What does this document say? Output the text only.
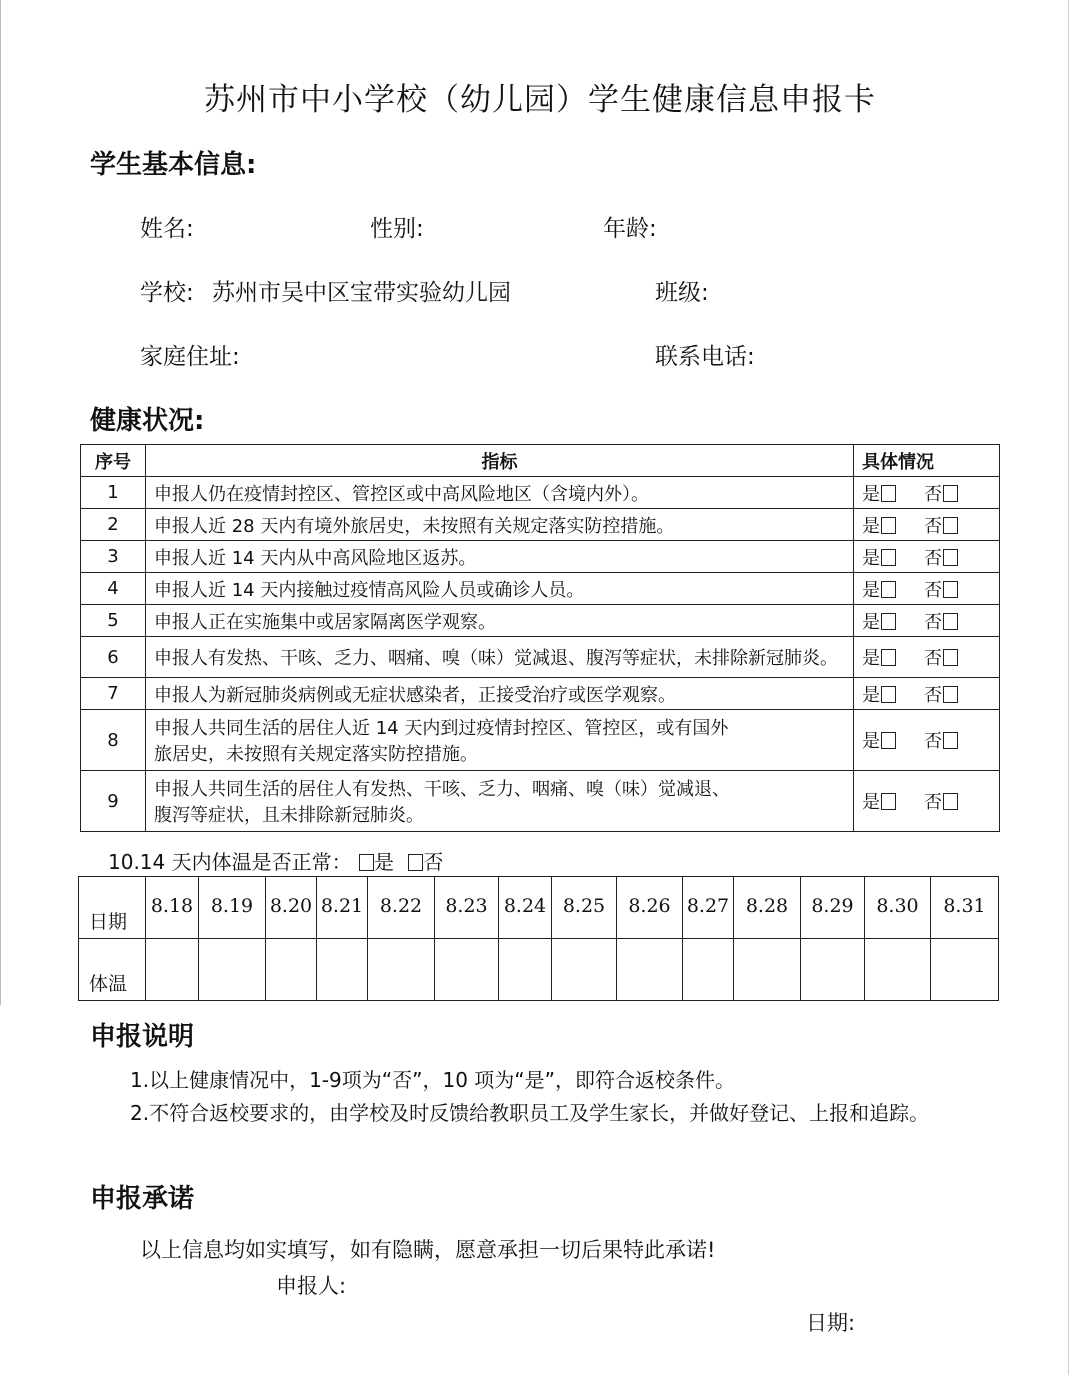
苏州市中小学校（幼儿园）学生健康信息申报卡
学生基本信息:
姓名:	性别:	年龄:
学校: 苏州市吴中区宝带实验幼儿园	班级:
家庭住址:	联系电话:
健康状况:
序号	指标	具体情况
1	申报人仍在疫情封控区、管控区或中高风险地区（含境内外）。	是 否
2	申报人近 28 天内有境外旅居史，未按照有关规定落实防控措施。	是 否
3	申报人近 14 天内从中高风险地区返苏。	是 否
4	申报人近 14 天内接触过疫情高风险人员或确诊人员。	是 否
5	申报人正在实施集中或居家隔离医学观察。	是 否
6	申报人有发热、干咳、乏力、咽痛、嗅（味）觉减退、腹泻等症状，未排除新冠肺炎。	是 否
7	申报人为新冠肺炎病例或无症状感染者，正接受治疗或医学观察。	是 否
8	申报人共同生活的居住人近 14 天内到过疫情封控区、管控区，或有国外
旅居史，未按照有关规定落实防控措施。	是 否
9	申报人共同生活的居住人有发热、干咳、乏力、咽痛、嗅（味）觉减退、
腹泻等症状，且未排除新冠肺炎。	是 否
10.14 天内体温是否正常： 是 否
日期	8.18	8.19	8.20	8.21	8.22	8.23	8.24	8.25	8.26	8.27	8.28	8.29	8.30	8.31
体温														
申报说明
1.以上健康情况中，1-9项为“否”，10 项为“是”，即符合返校条件。
2.不符合返校要求的，由学校及时反馈给教职员工及学生家长，并做好登记、上报和追踪。
申报承诺
以上信息均如实填写，如有隐瞒，愿意承担一切后果特此承诺!
申报人:
日期:
